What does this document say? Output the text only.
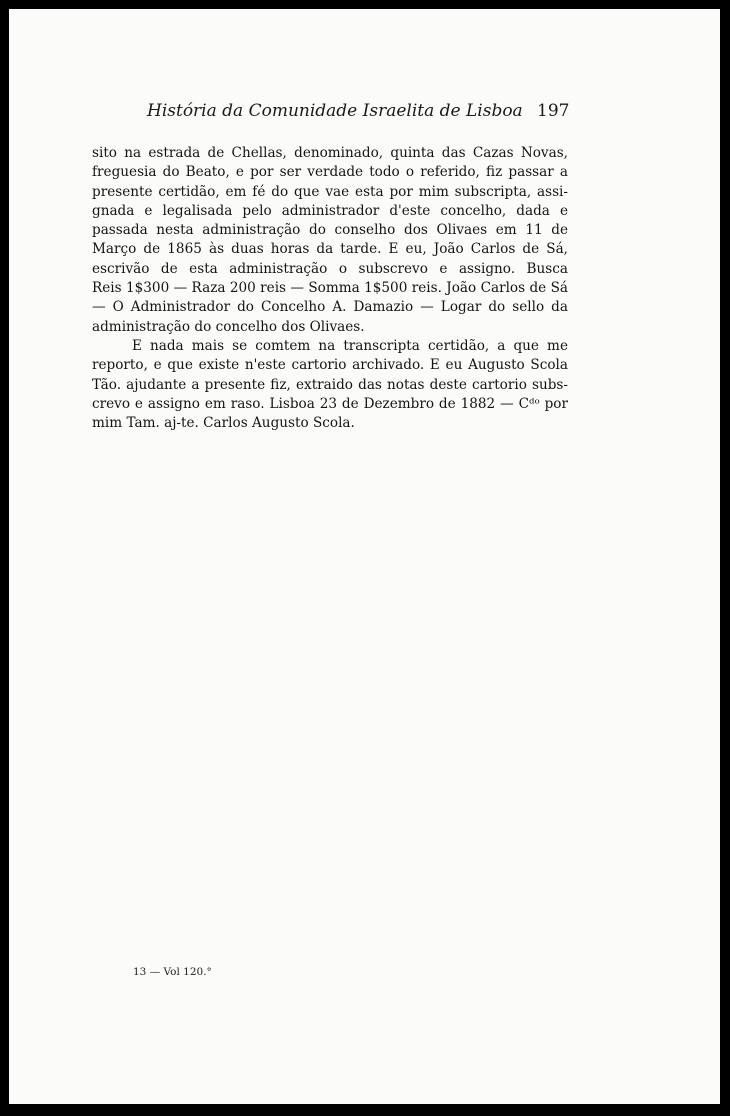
História da Comunidade Israelita de Lisboa 197
sito na estrada de Chellas, denominado, quinta das Cazas Novas,
freguesia do Beato, e por ser verdade todo o referido, fiz passar a
presente certidão, em fé do que vae esta por mim subscripta, assi-
gnada e legalisada pelo administrador d'este concelho, dada e
passada nesta administração do conselho dos Olivaes em 11 de
Março de 1865 às duas horas da tarde. E eu, João Carlos de Sá,
escrivão de esta administração o subscrevo e assigno. Busca
Reis 1$300 — Raza 200 reis — Somma 1$500 reis. João Carlos de Sá
— O Administrador do Concelho A. Damazio — Logar do sello da
administração do concelho dos Olivaes.
E nada mais se comtem na transcripta certidão, a que me
reporto, e que existe n'este cartorio archivado. E eu Augusto Scola
Tão. ajudante a presente fiz, extraido das notas deste cartorio subs-
crevo e assigno em raso. Lisboa 23 de Dezembro de 1882 — Cᵈᵒ por
mim Tam. aj-te. Carlos Augusto Scola.
13 — Vol 120.°
